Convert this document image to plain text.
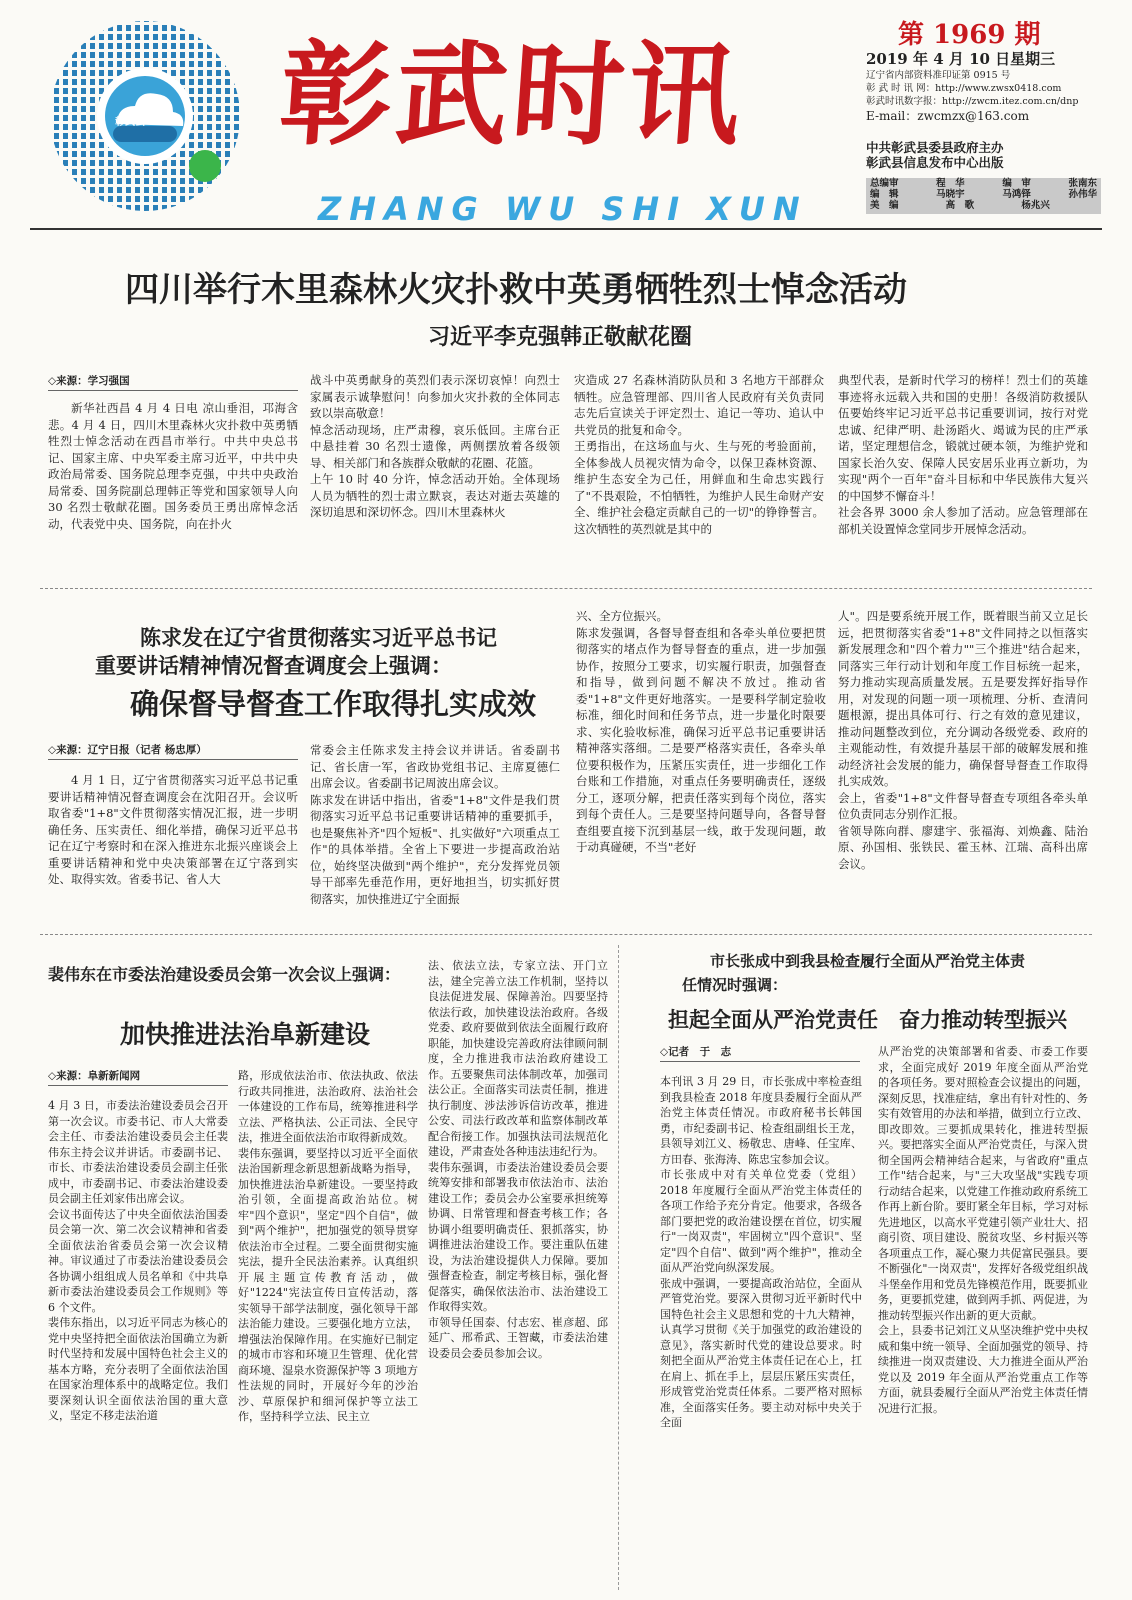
彰武云 彰武时讯
ZHANG WU SHI XUN
第 1969 期
2019 年 4 月 10 日星期三
辽宁省内部资料准印证第 0915 号
彰 武 时 讯 网：http://www.zwsx0418.com
彰武时讯数字报：http://zwcm.itez.com.cn/dnp
E-mail：zwcmzx@163.com
中共彰武县委县政府主办
彰武县信息发布中心出版
总编审	程　华	编　审	张南东
编　辑	马晓宇	马鸿铎	孙伟华
美　编	高　歌	杨兆兴
四川举行木里森林火灾扑救中英勇牺牲烈士悼念活动
习近平李克强韩正敬献花圈
◇来源：学习强国

新华社西昌 4 月 4 日电 凉山垂泪，邛海含悲。4 月 4 日，四川木里森林火灾扑救中英勇牺牲烈士悼念活动在西昌市举行。中共中央总书记、国家主席、中央军委主席习近平，中共中央政治局常委、国务院总理李克强，中共中央政治局常委、国务院副总理韩正等党和国家领导人向 30 名烈士敬献花圈。国务委员王勇出席悼念活动，代表党中央、国务院，向在扑火

战斗中英勇献身的英烈们表示深切哀悼！向烈士家属表示诚挚慰问！向参加火灾扑救的全体同志致以崇高敬意！
悼念活动现场，庄严肃穆，哀乐低回。主席台正中悬挂着 30 名烈士遗像，两侧摆放着各级领导、相关部门和各族群众敬献的花圈、花篮。
上午 10 时 40 分许，悼念活动开始。全体现场人员为牺牲的烈士肃立默哀，表达对逝去英雄的深切追思和深切怀念。四川木里森林火

灾造成 27 名森林消防队员和 3 名地方干部群众牺牲。应急管理部、四川省人民政府有关负责同志先后宣读关于评定烈士、追记一等功、追认中共党员的批复和命令。
王勇指出，在这场血与火、生与死的考验面前，全体参战人员视灾情为命令，以保卫森林资源、维护生态安全为己任，用鲜血和生命忠实践行了"不畏艰险，不怕牺牲，为维护人民生命财产安全、维护社会稳定贡献自己的一切"的铮铮誓言。这次牺牲的英烈就是其中的

典型代表，是新时代学习的榜样！烈士们的英雄事迹将永远载入共和国的史册！各级消防救援队伍要始终牢记习近平总书记重要训词，按行对党忠诚、纪律严明、赴汤蹈火、竭诚为民的庄严承诺，坚定理想信念，锻就过硬本领，为维护党和国家长治久安、保障人民安居乐业再立新功，为实现"两个一百年"奋斗目标和中华民族伟大复兴的中国梦不懈奋斗！
社会各界 3000 余人参加了活动。应急管理部在部机关设置悼念堂同步开展悼念活动。

陈求发在辽宁省贯彻落实习近平总书记
重要讲话精神情况督查调度会上强调：
确保督导督查工作取得扎实成效
◇来源：辽宁日报（记者 杨忠厚）

4 月 1 日，辽宁省贯彻落实习近平总书记重要讲话精神情况督查调度会在沈阳召开。会议听取省委"1+8"文件贯彻落实情况汇报，进一步明确任务、压实责任、细化举措，确保习近平总书记在辽宁考察时和在深入推进东北振兴座谈会上重要讲话精神和党中央决策部署在辽宁落到实处、取得实效。省委书记、省人大

常委会主任陈求发主持会议并讲话。省委副书记、省长唐一军，省政协党组书记、主席夏德仁出席会议。省委副书记周波出席会议。
陈求发在讲话中指出，省委"1+8"文件是我们贯彻落实习近平总书记重要讲话精神的重要抓手，也是聚焦补齐"四个短板"、扎实做好"六项重点工作"的具体举措。全省上下要进一步提高政治站位，始终坚决做到"两个维护"，充分发挥党员领导干部率先垂范作用，更好地担当，切实抓好贯彻落实，加快推进辽宁全面振

兴、全方位振兴。
陈求发强调，各督导督查组和各牵头单位要把贯彻落实的堵点作为督导督查的重点，进一步加强协作，按照分工要求，切实履行职责，加强督查和指导，做到问题不解决不放过。推动省委"1+8"文件更好地落实。一是要科学制定验收标准，细化时间和任务节点，进一步量化时限要求、实化验收标准，确保习近平总书记重要讲话精神落实落细。二是要严格落实责任，各牵头单位要积极作为，压紧压实责任，进一步细化工作台账和工作措施，对重点任务要明确责任，逐级分工，逐项分解，把责任落实到每个岗位，落实到每个责任人。三是要坚持问题导向，各督导督查组要直接下沉到基层一线，敢于发现问题，敢于动真碰硬，不当"老好

人"。四是要系统开展工作，既着眼当前又立足长远，把贯彻落实省委"1+8"文件同持之以恒落实新发展理念和"四个着力""三个推进"结合起来，同落实三年行动计划和年度工作目标统一起来，努力推动实现高质量发展。五是要发挥好指导作用，对发现的问题一项一项梳理、分析、查清问题根源，提出具体可行、行之有效的意见建议，推动问题整改到位，充分调动各级党委、政府的主观能动性，有效提升基层干部的破解发展和推动经济社会发展的能力，确保督导督查工作取得扎实成效。
会上，省委"1+8"文件督导督查专项组各牵头单位负责同志分别作汇报。
省领导陈向群、廖建宇、张福海、刘焕鑫、陆治原、孙国相、张铁民、霍玉林、江瑞、高科出席会议。

裴伟东在市委法治建设委员会第一次会议上强调：
加快推进法治阜新建设
◇来源：阜新新闻网

4 月 3 日，市委法治建设委员会召开第一次会议。市委书记、市人大常委会主任、市委法治建设委员会主任裴伟东主持会议并讲话。市委副书记、市长、市委法治建设委员会副主任张成中，市委副书记、市委法治建设委员会副主任刘家伟出席会议。
会议书面传达了中央全面依法治国委员会第一次、第二次会议精神和省委全面依法治省委员会第一次会议精神。审议通过了市委法治建设委员会各协调小组组成人员名单和《中共阜新市委法治建设委员会工作规则》等 6 个文件。
裴伟东指出，以习近平同志为核心的党中央坚持把全面依法治国确立为新时代坚持和发展中国特色社会主义的基本方略，充分表明了全面依法治国在国家治理体系中的战略定位。我们要深刻认识全面依法治国的重大意义，坚定不移走法治道

路，形成依法治市、依法执政、依法行政共同推进，法治政府、法治社会一体建设的工作布局，统筹推进科学立法、严格执法、公正司法、全民守法，推进全面依法治市取得新成效。
裴伟东强调，要坚持以习近平全面依法治国新理念新思想新战略为指导，加快推进法治阜新建设。一要坚持政治引领，全面提高政治站位。树牢"四个意识"，坚定"四个自信"，做到"两个维护"，把加强党的领导贯穿依法治市全过程。二要全面贯彻实施宪法，提升全民法治素养。认真组织开展主题宣传教育活动，做好"1224"宪法宣传日宣传活动，落实领导干部学法制度，强化领导干部法治能力建设。三要强化地方立法，增强法治保障作用。在实施好已制定的城市市容和环境卫生管理、优化营商环境、湿泉水资源保护等 3 项地方性法规的同时，开展好今年的沙治沙、草原保护和细河保护等立法工作，坚持科学立法、民主立

法、依法立法，专家立法、开门立法，建全完善立法工作机制，坚持以良法促进发展、保障善治。四要坚持依法行政，加快建设法治政府。各级党委、政府要做到依法全面履行政府职能，加快建设完善政府法律顾问制度，全力推进我市法治政府建设工作。五要聚焦司法体制改革，加强司法公正。全面落实司法责任制，推进执行制度、涉法涉诉信访改革，推进公安、司法行政改革和监察体制改革配合衔接工作。加强执法司法规范化建设，严肃查处各种违法违纪行为。
裴伟东强调，市委法治建设委员会要统筹安排和部署我市依法治市、法治建设工作；委员会办公室要承担统筹协调、日常管理和督查考核工作；各协调小组要明确责任、狠抓落实，协调推进法治建设工作。要注重队伍建设，为法治建设提供人力保障。要加强督查检查，制定考核目标，强化督促落实，确保依法治市、法治建设工作取得实效。
市领导任国泰、付志宏、崔彦超、邱延广、邢希武、王智藏，市委法治建设委员会委员参加会议。

市长张成中到我县检查履行全面从严治党主体责
任情况时强调：
担起全面从严治党责任　奋力推动转型振兴
◇记者　于　志

本刊讯 3 月 29 日，市长张成中率检查组到我县检查 2018 年度县委履行全面从严治党主体责任情况。市政府秘书长韩国勇，市纪委副书记、检查组副组长王龙，县领导刘江义、杨敬忠、唐峰、任宝库、方田春、张海涛、陈忠宝参加会议。
市长张成中对有关单位党委（党组）2018 年度履行全面从严治党主体责任的各项工作给予充分肯定。他要求，各级各部门要把党的政治建设摆在首位，切实履行"一岗双责"，牢固树立"四个意识"、坚定"四个自信"、做到"两个维护"，推动全面从严治党向纵深发展。
张成中强调，一要提高政治站位，全面从严管党治党。要深入贯彻习近平新时代中国特色社会主义思想和党的十九大精神，认真学习贯彻《关于加强党的政治建设的意见》，落实新时代党的建设总要求。时刻把全面从严治党主体责任记在心上，扛在肩上、抓在手上，层层压紧压实责任，形成管党治党责任体系。二要严格对照标准，全面落实任务。要主动对标中央关于全面

从严治党的决策部署和省委、市委工作要求，全面完成好 2019 年度全面从严治党的各项任务。要对照检查会议提出的问题，深刻反思，找准症结，拿出有针对性的、务实有效管用的办法和举措，做到立行立改、即改即效。三要抓成果转化，推进转型振兴。要把落实全面从严治党责任，与深入贯彻全国两会精神结合起来，与省政府"重点工作"结合起来，与"三大攻坚战"实践专项行动结合起来，以党建工作推动政府系统工作再上新台阶。要盯紧全年目标，学习对标先进地区，以高水平党建引领产业壮大、招商引资、项目建设、脱贫攻坚、乡村振兴等各项重点工作，凝心聚力共促富民强县。要不断强化"一岗双责"，发挥好各级党组织战斗堡垒作用和党员先锋模范作用，既要抓业务，更要抓党建，做到两手抓、两促进，为推动转型振兴作出新的更大贡献。
会上，县委书记刘江义从坚决维护党中央权威和集中统一领导、全面加强党的领导、持续推进一岗双责建设、大力推进全面从严治党以及 2019 年全面从严治党重点工作等方面，就县委履行全面从严治党主体责任情况进行汇报。
